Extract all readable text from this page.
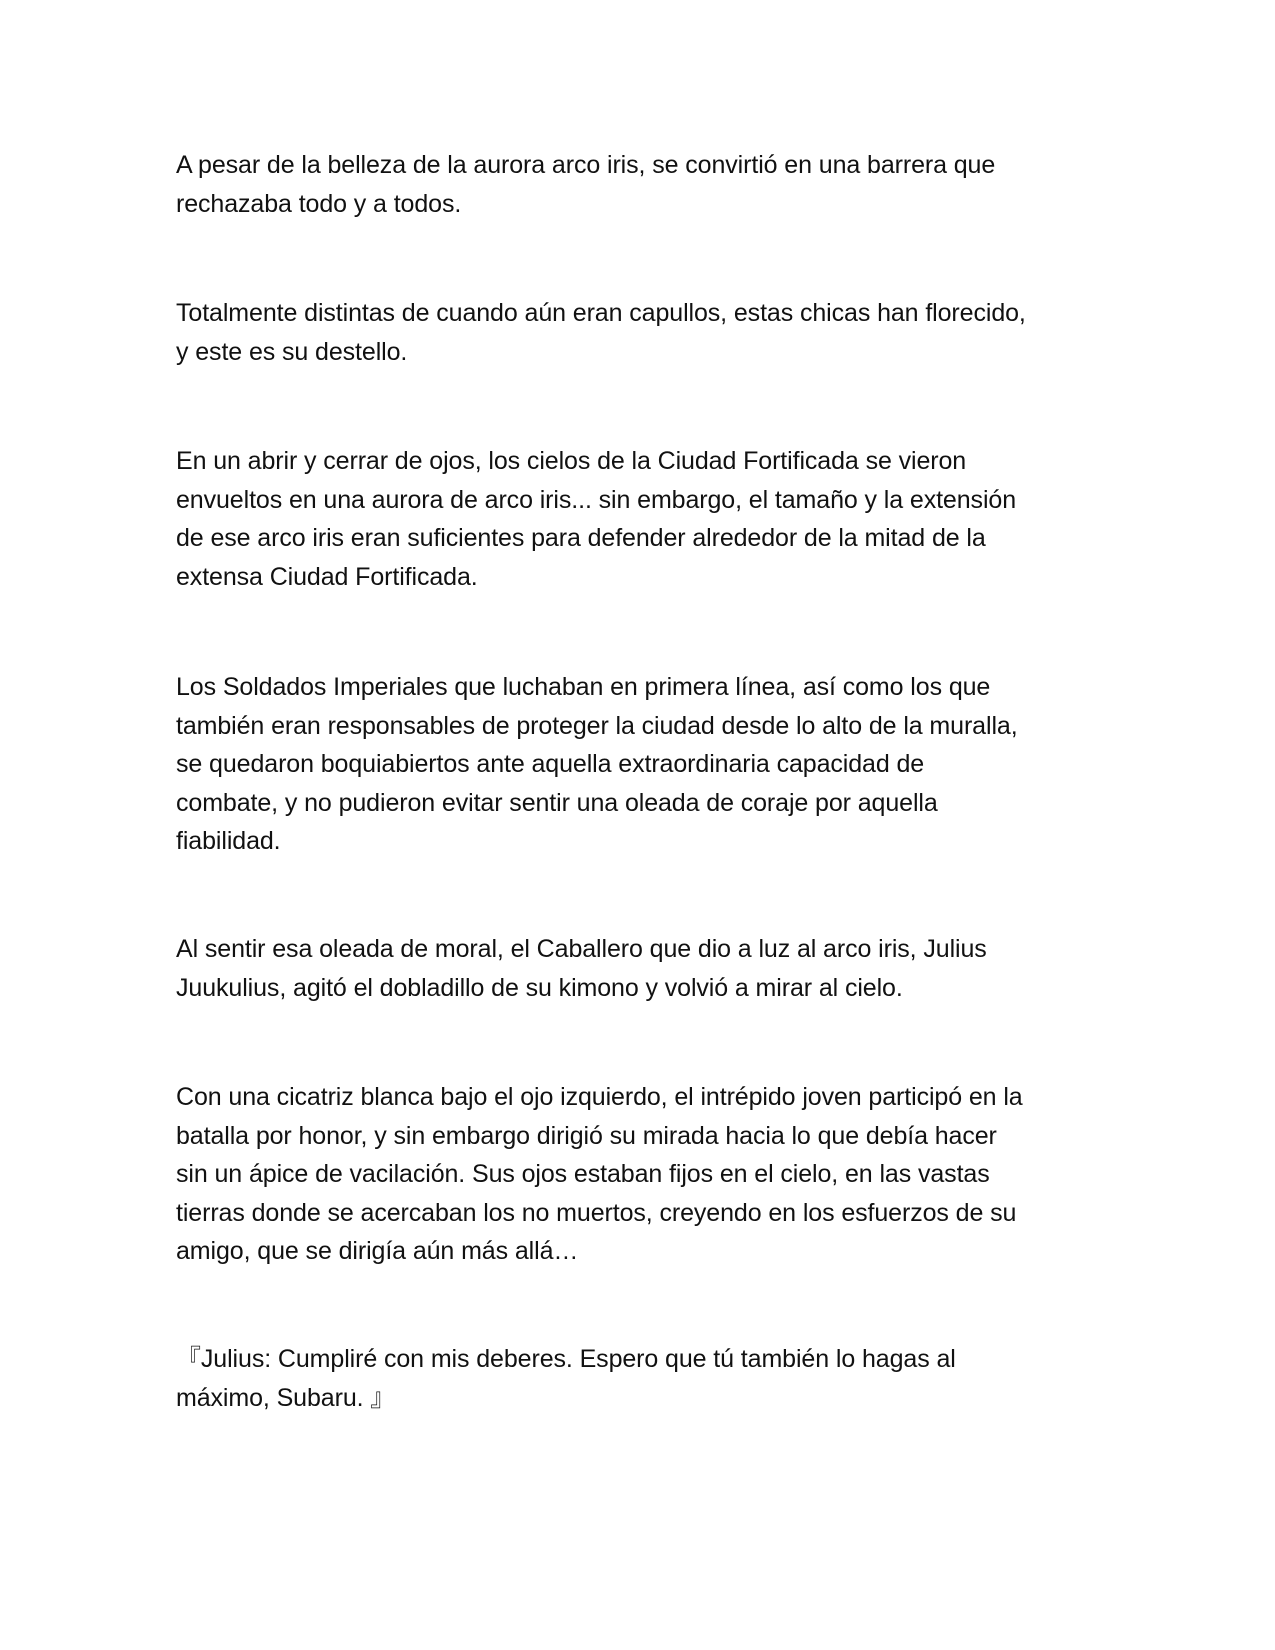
A pesar de la belleza de la aurora arco iris, se convirtió en una barrera que
rechazaba todo y a todos.

Totalmente distintas de cuando aún eran capullos, estas chicas han florecido,
y este es su destello.

En un abrir y cerrar de ojos, los cielos de la Ciudad Fortificada se vieron
envueltos en una aurora de arco iris... sin embargo, el tamaño y la extensión
de ese arco iris eran suficientes para defender alrededor de la mitad de la
extensa Ciudad Fortificada.

Los Soldados Imperiales que luchaban en primera línea, así como los que
también eran responsables de proteger la ciudad desde lo alto de la muralla,
se quedaron boquiabiertos ante aquella extraordinaria capacidad de
combate, y no pudieron evitar sentir una oleada de coraje por aquella
fiabilidad.

Al sentir esa oleada de moral, el Caballero que dio a luz al arco iris, Julius
Juukulius, agitó el dobladillo de su kimono y volvió a mirar al cielo.

Con una cicatriz blanca bajo el ojo izquierdo, el intrépido joven participó en la
batalla por honor, y sin embargo dirigió su mirada hacia lo que debía hacer
sin un ápice de vacilación. Sus ojos estaban fijos en el cielo, en las vastas
tierras donde se acercaban los no muertos, creyendo en los esfuerzos de su
amigo, que se dirigía aún más allá…

『Julius: Cumpliré con mis deberes. Espero que tú también lo hagas al
máximo, Subaru. 』
